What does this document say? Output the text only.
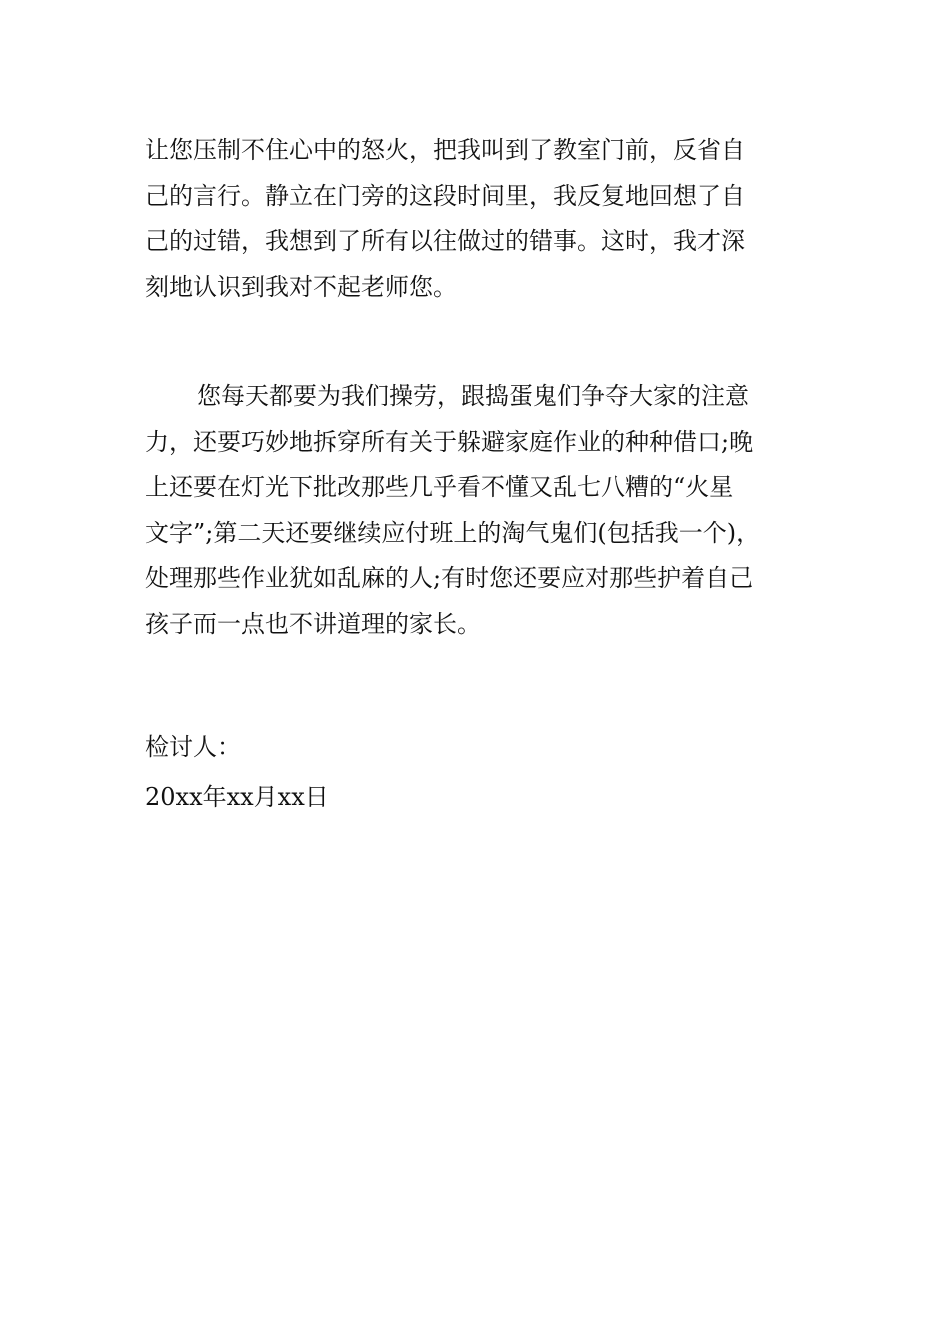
让您压制不住心中的怒火，把我叫到了教室门前，反省自
己的言行。静立在门旁的这段时间里，我反复地回想了自
己的过错，我想到了所有以往做过的错事。这时，我才深
刻地认识到我对不起老师您。
您每天都要为我们操劳，跟捣蛋鬼们争夺大家的注意
力，还要巧妙地拆穿所有关于躲避家庭作业的种种借口;晚
上还要在灯光下批改那些几乎看不懂又乱七八糟的“火星
文字”;第二天还要继续应付班上的淘气鬼们(包括我一个)，
处理那些作业犹如乱麻的人;有时您还要应对那些护着自己
孩子而一点也不讲道理的家长。
检讨人：
20xx年xx月xx日
